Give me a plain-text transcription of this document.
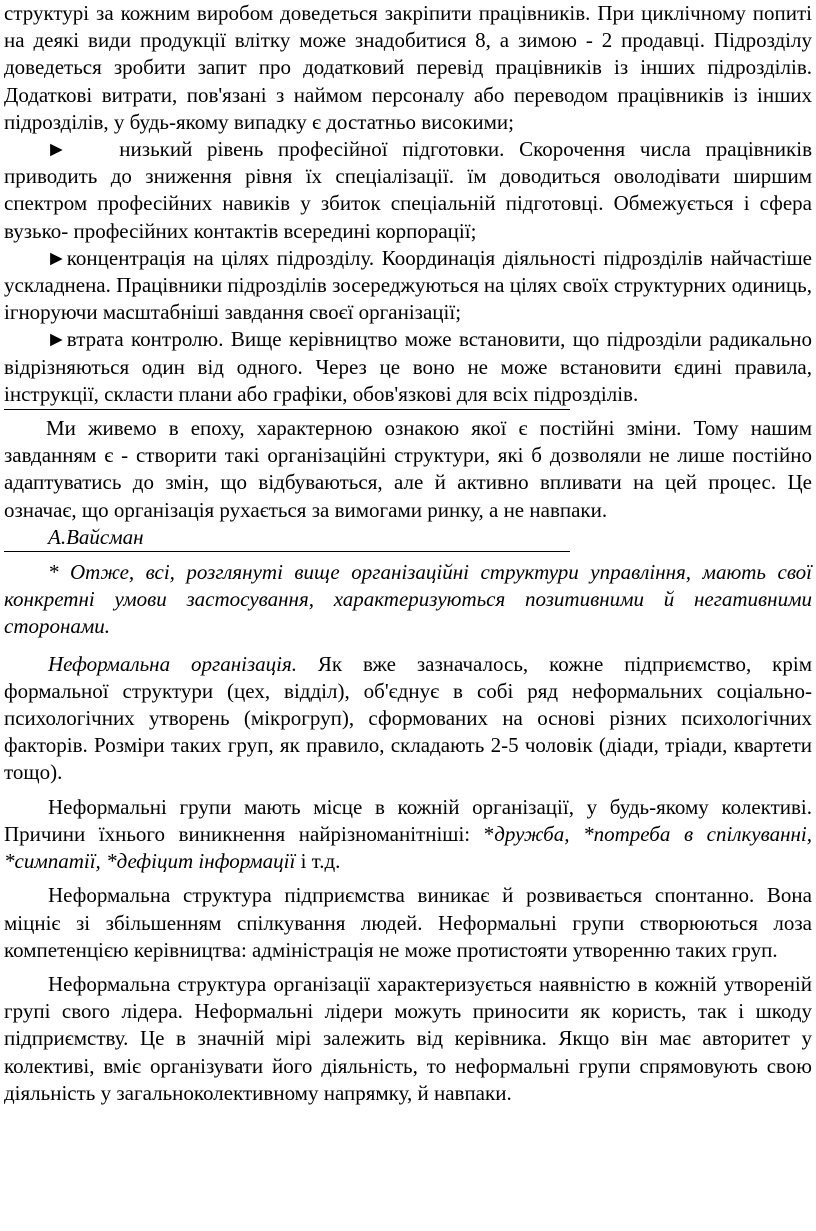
структурі за кожним виробом доведеться закріпити працівників. При циклічному попиті на деякі види продукції влітку може знадобитися 8, а зимою - 2 продавці. Підрозділу доведеться зробити запит про додатковий перевід працівників із інших підрозділів. Додаткові витрати, пов'язані з наймом персоналу або переводом працівників із інших підрозділів, у будь-якому випадку є достатньо високими;

►   	низький рівень професійної підготовки. Скорочення числа працівників приводить до зниження рівня їх спеціалізації. їм доводиться оволодівати ширшим спектром професійних навиків у збиток спеціальній підготовці. Обмежується і сфера вузько- професійних контактів всередині корпорації;

►концентрація на цілях підрозділу. Координація діяльності підрозділів найчастіше ускладнена. Працівники підрозділів зосереджуються на цілях своїх структурних одиниць, ігноруючи масштабніші завдання своєї організації;

►втрата контролю. Вище керівництво може встановити, що підрозділи радикально відрізняються один від одного. Через це воно не може встановити єдині правила, інструкції, скласти плани або графіки, обов'язкові для всіх підрозділів.

Ми живемо в епоху, характерною ознакою якої є постійні зміни. Тому нашим завданням є - створити такі організаційні структури, які б дозволяли не лише постійно адаптуватись до змін, що відбуваються, але й активно впливати на цей процес. Це означає, що організація рухається за вимогами ринку, а не навпаки.

А.Вайсман

* Отже, всі, розглянуті вище організаційні структури управління, мають свої конкретні умови застосування, характеризуються позитивними й негативними сторонами.

Неформальна організація. Як вже зазначалось, кожне підприємство, крім формальної структури (цех, відділ), об'єднує в собі ряд неформальних соціально-психологічних утворень (мікрогруп), сформованих на основі різних психологічних факторів. Розміри таких груп, як правило, складають 2-5 чоловік (діади, тріади, квартети тощо).

Неформальні групи мають місце в кожній організації, у будь-якому колективі. Причини їхнього виникнення найрізноманітніші: *дружба, *потреба в спілкуванні, *симпатії, *дефіцит інформації і т.д.

Неформальна структура підприємства виникає й розвивається спонтанно. Вона міцніє зі збільшенням спілкування людей. Неформальні групи створюються лоза компетенцією керівництва: адміністрація не може протистояти утворенню таких груп.

Неформальна структура організації характеризується наявністю в кожній утвореній групі свого лідера. Неформальні лідери можуть приносити як користь, так і шкоду підприємству. Це в значній мірі залежить від керівника. Якщо він має авторитет у колективі, вміє організувати його діяльність, то неформальні групи спрямовують свою діяльність у загальноколективному напрямку, й навпаки.
